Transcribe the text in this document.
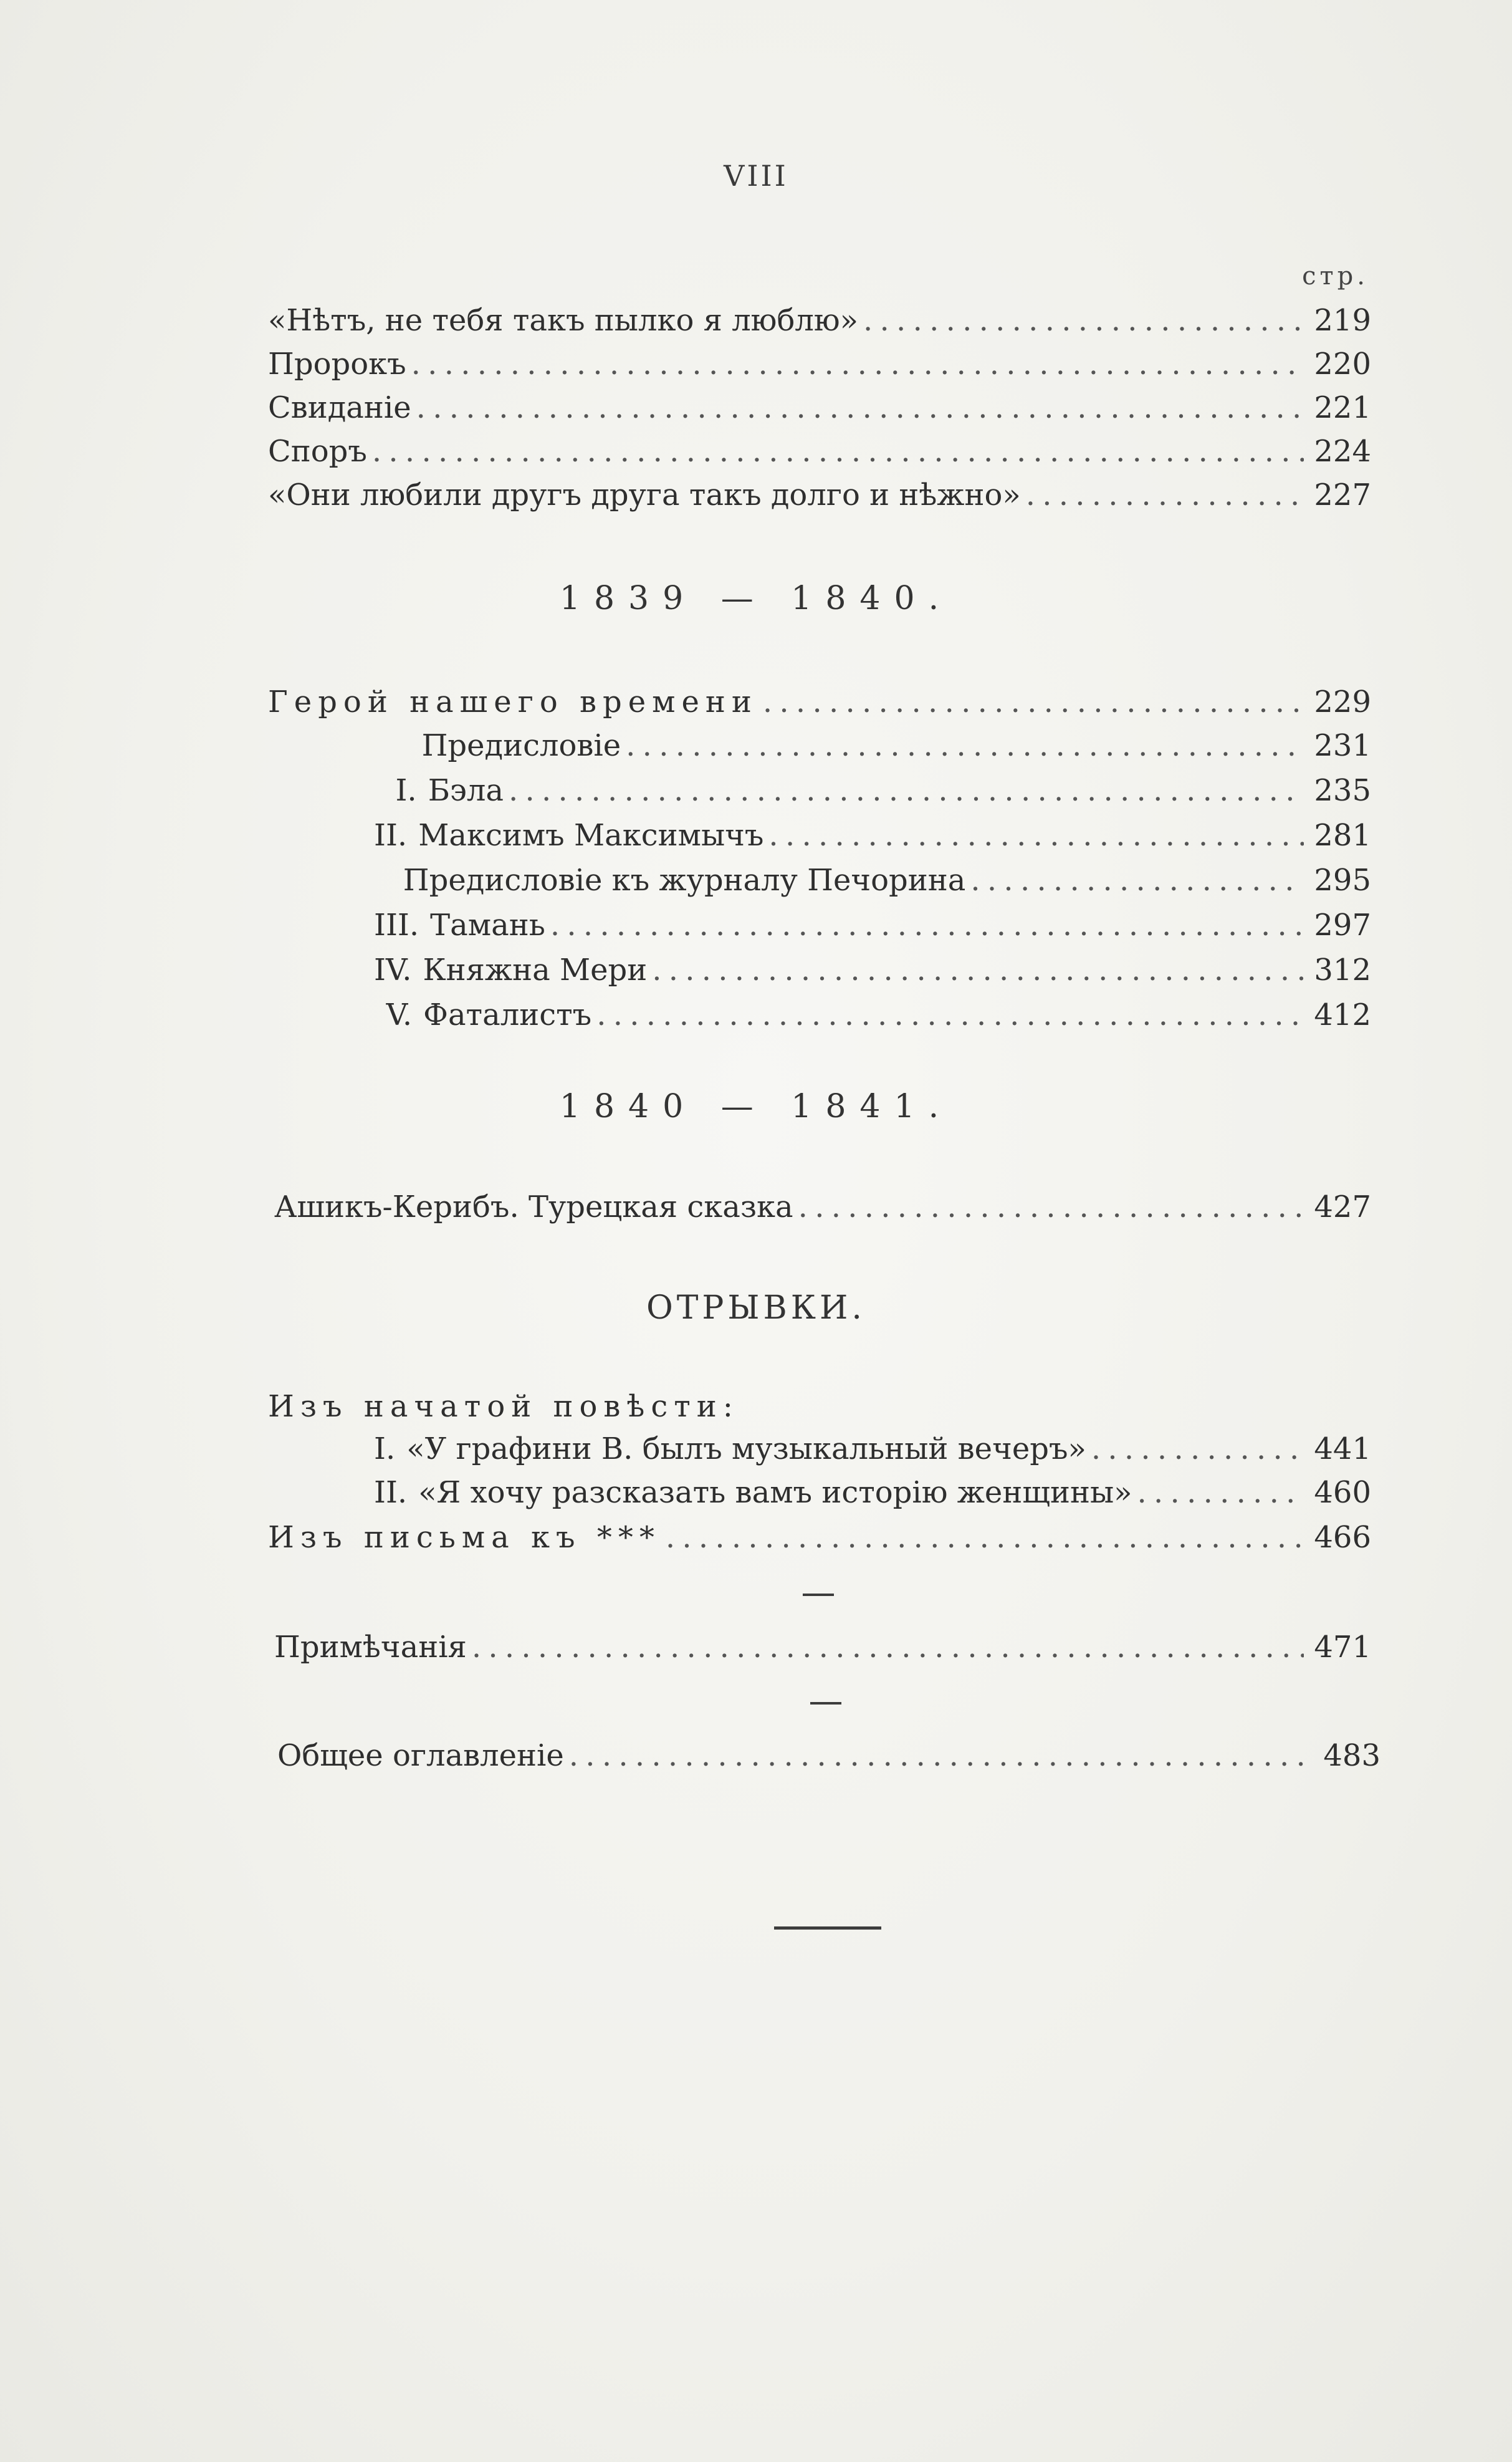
VIII
стр.
«Нѣтъ, не тебя такъ пылко я люблю» . . .	219
Пророкъ . . .	220
Свиданіе . . .	221
Споръ . . .	224
«Они любили другъ друга такъ долго и нѣжно» . . .	227
1839 — 1840.
Герой нашего времени . . .	229
Предисловіе . . .	231
I. Бэла . . .	235
II. Максимъ Максимычъ . . .	281
Предисловіе къ журналу Печорина . . .	295
III. Тамань . . .	297
IV. Княжна Мери . . .	312
V. Фаталистъ . . .	412
1840 — 1841.
Ашикъ-Керибъ. Турецкая сказка . . .	427
ОТРЫВКИ.
Изъ начатой повѣсти:
I. «У графини В. былъ музыкальный вечеръ» . . .	441
II. «Я хочу разсказать вамъ исторію женщины» . . .	460
Изъ письма къ *** . . .	466
Примѣчанія . . .	471
Общее оглавленіе . . .	483
